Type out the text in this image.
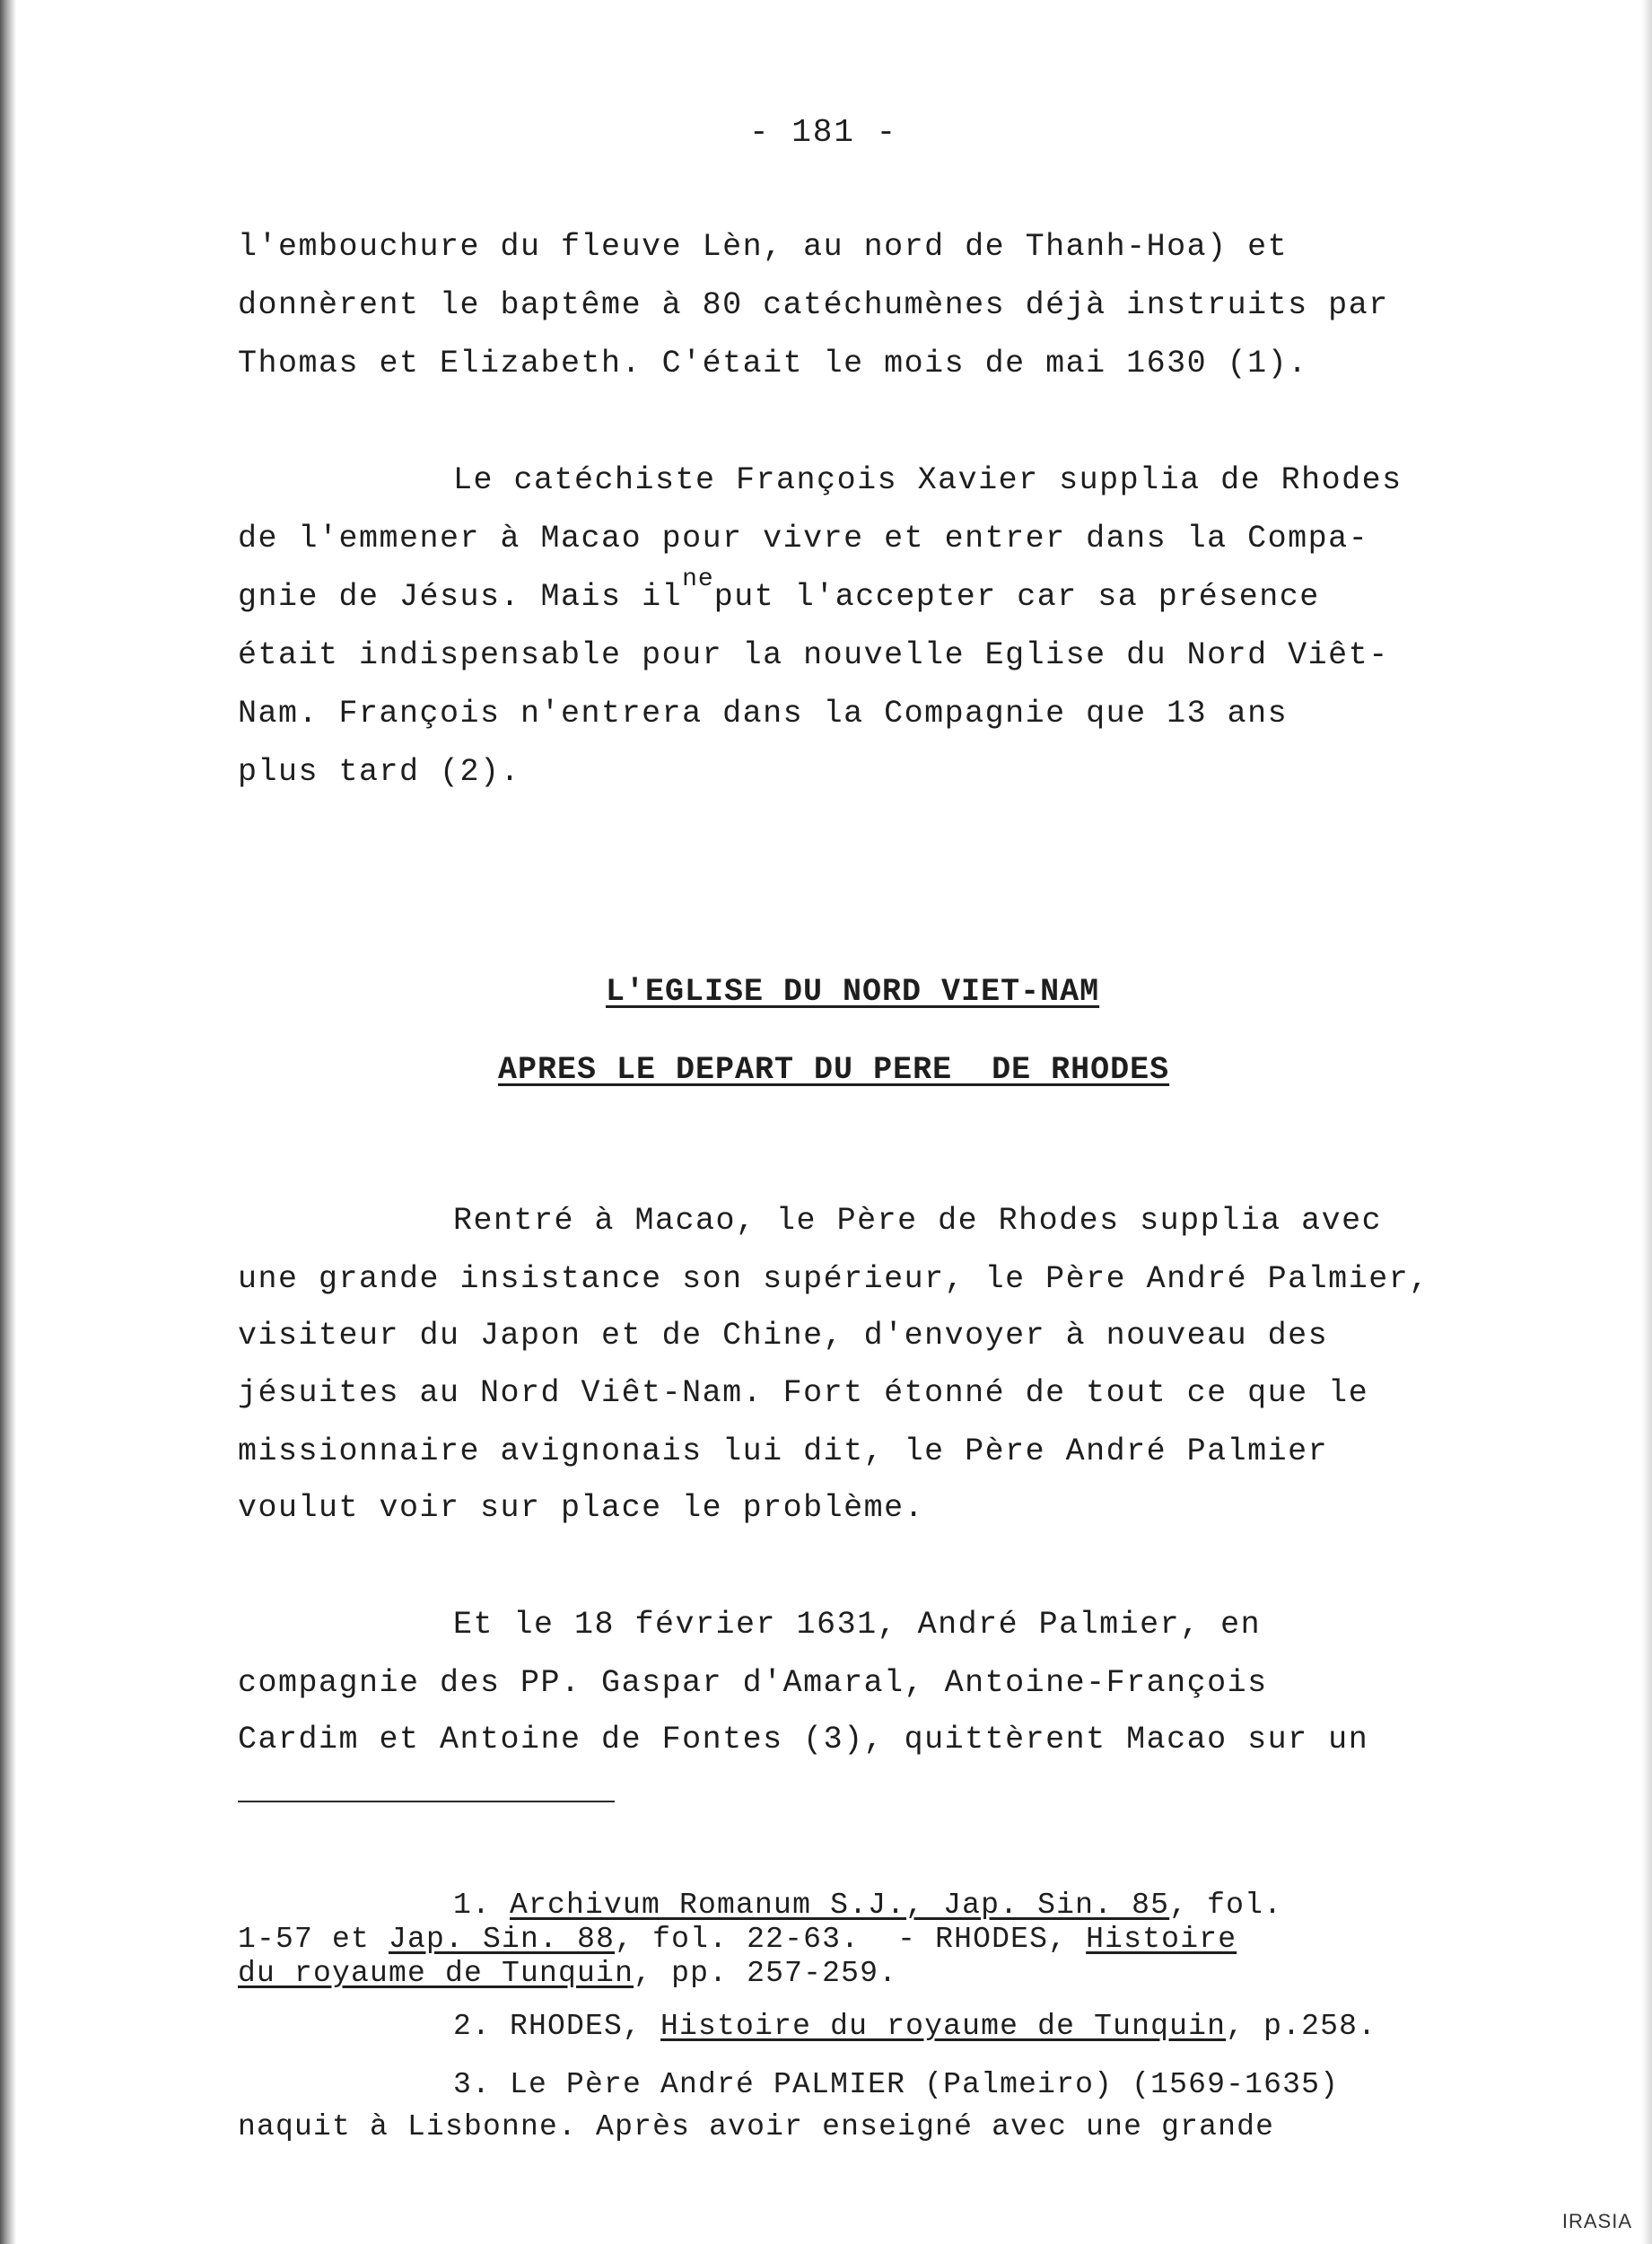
- 181 -
l'embouchure du fleuve Lèn, au nord de Thanh-Hoa) et
donnèrent le baptême à 80 catéchumènes déjà instruits par
Thomas et Elizabeth. C'était le mois de mai 1630 (1).
Le catéchiste François Xavier supplia de Rhodes
de l'emmener à Macao pour vivre et entrer dans la Compa-
gnie de Jésus. Mais $il^{ne}put$ l'accepter car sa présence
était indispensable pour la nouvelle Eglise du Nord Viêt-
Nam. François n'entrera dans la Compagnie que 13 ans
plus tard (2).
L'EGLISE DU NORD VIET-NAM
APRES LE DEPART DU PERE  DE RHODES
Rentré à Macao, le Père de Rhodes supplia avec
une grande insistance son supérieur, le Père André Palmier,
visiteur du Japon et de Chine, d'envoyer à nouveau des
jésuites au Nord Viêt-Nam. Fort étonné de tout ce que le
missionnaire avignonais lui dit, le Père André Palmier
voulut voir sur place le problème.
Et le 18 février 1631, André Palmier, en
compagnie des PP. Gaspar d'Amaral, Antoine-François
Cardim et Antoine de Fontes (3), quittèrent Macao sur un
1. Archivum Romanum S.J., Jap. Sin. 85, fol.
1-57 et Jap. Sin. 88, fol. 22-63.  - RHODES, Histoire
du royaume de Tunquin, pp. 257-259.
2. RHODES, Histoire du royaume de Tunquin, p.258.
3. Le Père André PALMIER (Palmeiro) (1569-1635)
naquit à Lisbonne. Après avoir enseigné avec une grande
IRASIA
